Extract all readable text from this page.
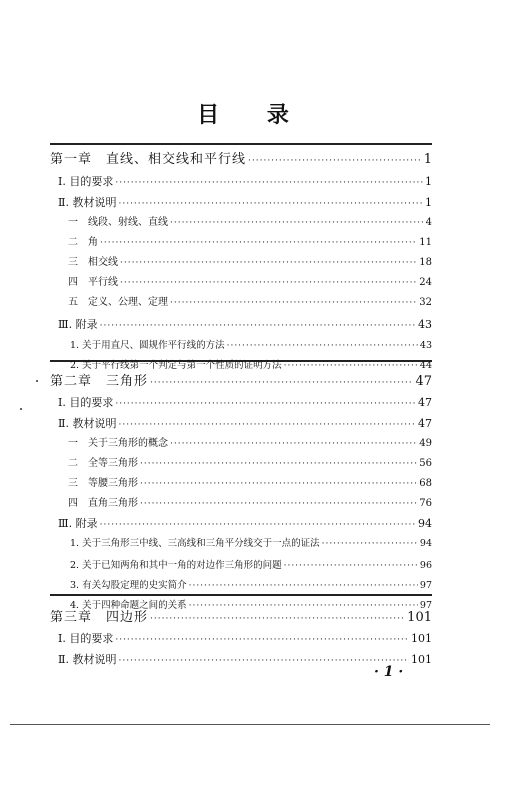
目 录
第一章　直线、相交线和平行线 ·····	1
Ⅰ. 目的要求 ·····	1
Ⅱ. 教材说明 ·····	1
一　线段、射线、直线 ·····	4
二　角 ·····	11
三　相交线 ·····	18
四　平行线 ·····	24
五　定义、公理、定理 ·····	32
Ⅲ. 附录 ·····	43
1. 关于用直尺、圆规作平行线的方法 ·····	43
2. 关于平行线第一个判定与第一个性质的证明方法 ·····	44
第二章　三角形 ·····	47
Ⅰ. 目的要求 ·····	47
Ⅱ. 教材说明 ·····	47
一　关于三角形的概念 ·····	49
二　全等三角形 ·····	56
三　等腰三角形 ·····	68
四　直角三角形 ·····	76
Ⅲ. 附录 ·····	94
1. 关于三角形三中线、三高线和三角平分线交于一点的证法 ·····	94
2. 关于已知两角和其中一角的对边作三角形的问题 ·····	96
3. 有关勾股定理的史实简介 ·····	97
4. 关于四种命题之间的关系 ·····	97
第三章　四边形 ·····	101
Ⅰ. 目的要求 ·····	101
Ⅱ. 教材说明 ·····	101
· 1 ·
